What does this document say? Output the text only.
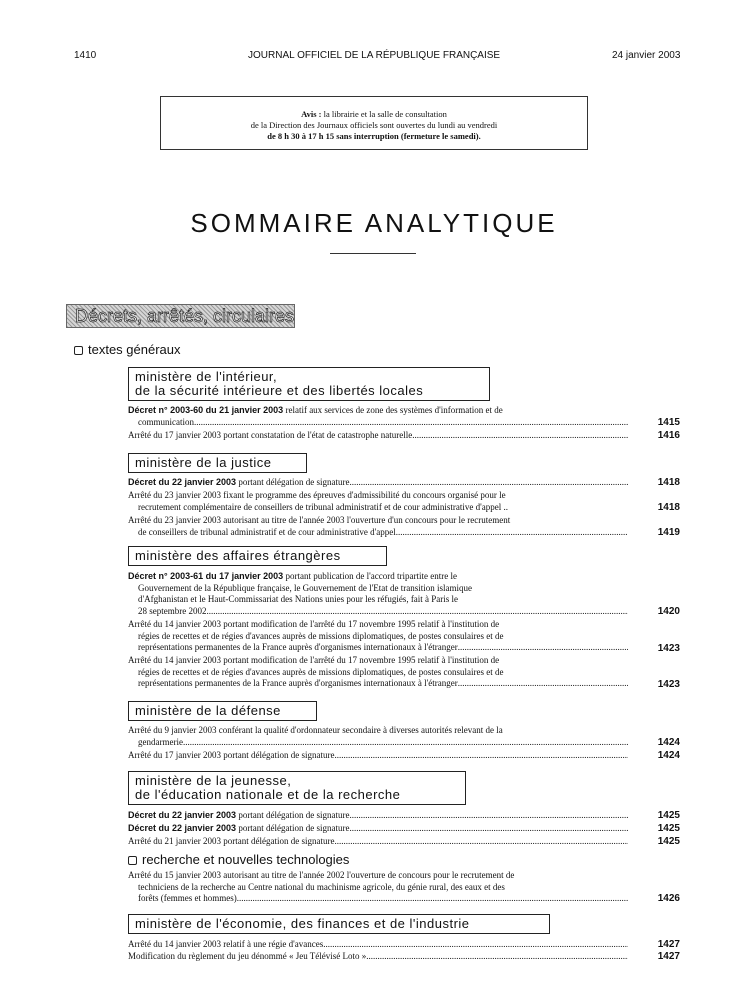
1410	JOURNAL OFFICIEL DE LA RÉPUBLIQUE FRANÇAISE	24 janvier 2003
Avis : la librairie et la salle de consultation
de la Direction des Journaux officiels sont ouvertes du lundi au vendredi
de 8 h 30 à 17 h 15 sans interruption (fermeture le samedi).
SOMMAIRE ANALYTIQUE
Décrets, arrêtés, circulaires
textes généraux
ministère de l'intérieur,
de la sécurité intérieure et des libertés locales
Décret n° 2003-60 du 21 janvier 2003 relatif aux services de zone des systèmes d'information et de
communication .....	1415
Arrêté du 17 janvier 2003 portant constatation de l'état de catastrophe naturelle .....	1416
ministère de la justice
Décret du 22 janvier 2003 portant délégation de signature .....	1418
Arrêté du 23 janvier 2003 fixant le programme des épreuves d'admissibilité du concours organisé pour le
recrutement complémentaire de conseillers de tribunal administratif et de cour administrative d'appel ..	1418
Arrêté du 23 janvier 2003 autorisant au titre de l'année 2003 l'ouverture d'un concours pour le recrutement
de conseillers de tribunal administratif et de cour administrative d'appel .....	1419
ministère des affaires étrangères
Décret n° 2003-61 du 17 janvier 2003 portant publication de l'accord tripartite entre le
Gouvernement de la République française, le Gouvernement de l'Etat de transition islamique
d'Afghanistan et le Haut-Commissariat des Nations unies pour les réfugiés, fait à Paris le
28 septembre 2002 .....	1420
Arrêté du 14 janvier 2003 portant modification de l'arrêté du 17 novembre 1995 relatif à l'institution de
régies de recettes et de régies d'avances auprès de missions diplomatiques, de postes consulaires et de
représentations permanentes de la France auprès d'organismes internationaux à l'étranger .....	1423
Arrêté du 14 janvier 2003 portant modification de l'arrêté du 17 novembre 1995 relatif à l'institution de
régies de recettes et de régies d'avances auprès de missions diplomatiques, de postes consulaires et de
représentations permanentes de la France auprès d'organismes internationaux à l'étranger .....	1423
ministère de la défense
Arrêté du 9 janvier 2003 conférant la qualité d'ordonnateur secondaire à diverses autorités relevant de la
gendarmerie .....	1424
Arrêté du 17 janvier 2003 portant délégation de signature .....	1424
ministère de la jeunesse,
de l'éducation nationale et de la recherche
Décret du 22 janvier 2003 portant délégation de signature .....	1425
Décret du 22 janvier 2003 portant délégation de signature .....	1425
Arrêté du 21 janvier 2003 portant délégation de signature .....	1425
recherche et nouvelles technologies
Arrêté du 15 janvier 2003 autorisant au titre de l'année 2002 l'ouverture de concours pour le recrutement de
techniciens de la recherche au Centre national du machinisme agricole, du génie rural, des eaux et des
forêts (femmes et hommes) .....	1426
ministère de l'économie, des finances et de l'industrie
Arrêté du 14 janvier 2003 relatif à une régie d'avances .....	1427
Modification du règlement du jeu dénommé « Jeu Télévisé Loto » .....	1427
